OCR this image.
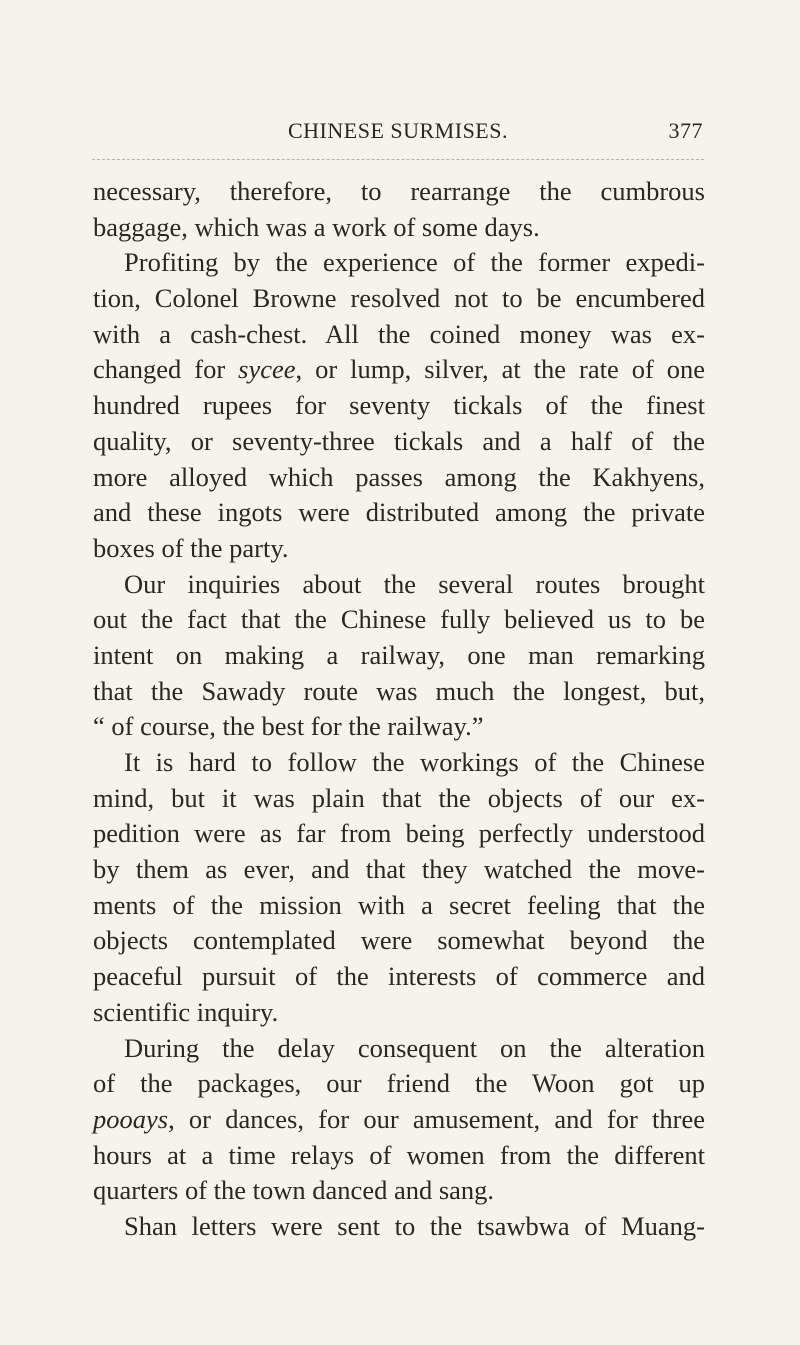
CHINESE SURMISES.	377
necessary, therefore, to rearrange the cumbrous
baggage, which was a work of some days.
Profiting by the experience of the former expedi-
tion, Colonel Browne resolved not to be encumbered
with a cash-chest. All the coined money was ex-
changed for sycee, or lump, silver, at the rate of one
hundred rupees for seventy tickals of the finest
quality, or seventy-three tickals and a half of the
more alloyed which passes among the Kakhyens,
and these ingots were distributed among the private
boxes of the party.
Our inquiries about the several routes brought
out the fact that the Chinese fully believed us to be
intent on making a railway, one man remarking
that the Sawady route was much the longest, but,
“ of course, the best for the railway.”
It is hard to follow the workings of the Chinese
mind, but it was plain that the objects of our ex-
pedition were as far from being perfectly understood
by them as ever, and that they watched the move-
ments of the mission with a secret feeling that the
objects contemplated were somewhat beyond the
peaceful pursuit of the interests of commerce and
scientific inquiry.
During the delay consequent on the alteration
of the packages, our friend the Woon got up
pooays, or dances, for our amusement, and for three
hours at a time relays of women from the different
quarters of the town danced and sang.
Shan letters were sent to the tsawbwa of Muang-
